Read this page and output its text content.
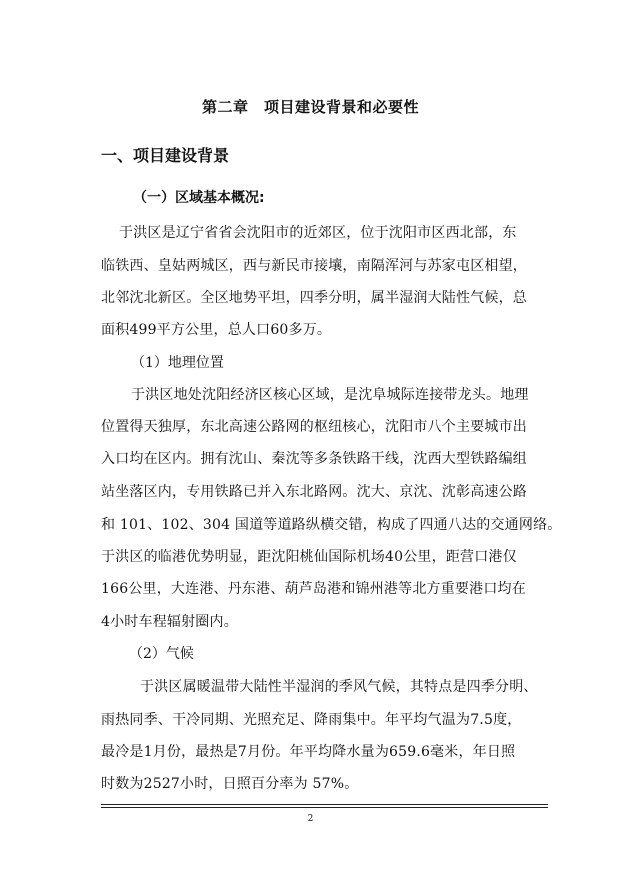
第二章　项目建设背景和必要性
一、项目建设背景
（一）区域基本概况:
于洪区是辽宁省省会沈阳市的近郊区，位于沈阳市区西北部，东
临铁西、皇姑两城区，西与新民市接壤，南隔浑河与苏家屯区相望，
北邻沈北新区。全区地势平坦，四季分明，属半湿润大陆性气候，总
面积499平方公里，总人口60多万。
（1）地理位置
于洪区地处沈阳经济区核心区域，是沈阜城际连接带龙头。地理
位置得天独厚，东北高速公路网的枢纽核心，沈阳市八个主要城市出
入口均在区内。拥有沈山、秦沈等多条铁路干线，沈西大型铁路编组
站坐落区内，专用铁路已并入东北路网。沈大、京沈、沈彰高速公路
和 101、102、304 国道等道路纵横交错，构成了四通八达的交通网络。
于洪区的临港优势明显，距沈阳桃仙国际机场40公里，距营口港仅
166公里，大连港、丹东港、葫芦岛港和锦州港等北方重要港口均在
4小时车程辐射圈内。
（2）气候
于洪区属暖温带大陆性半湿润的季风气候，其特点是四季分明、
雨热同季、干冷同期、光照充足、降雨集中。年平均气温为7.5度，
最冷是1月份，最热是7月份。年平均降水量为659.6毫米，年日照
时数为2527小时，日照百分率为 57%。
2
